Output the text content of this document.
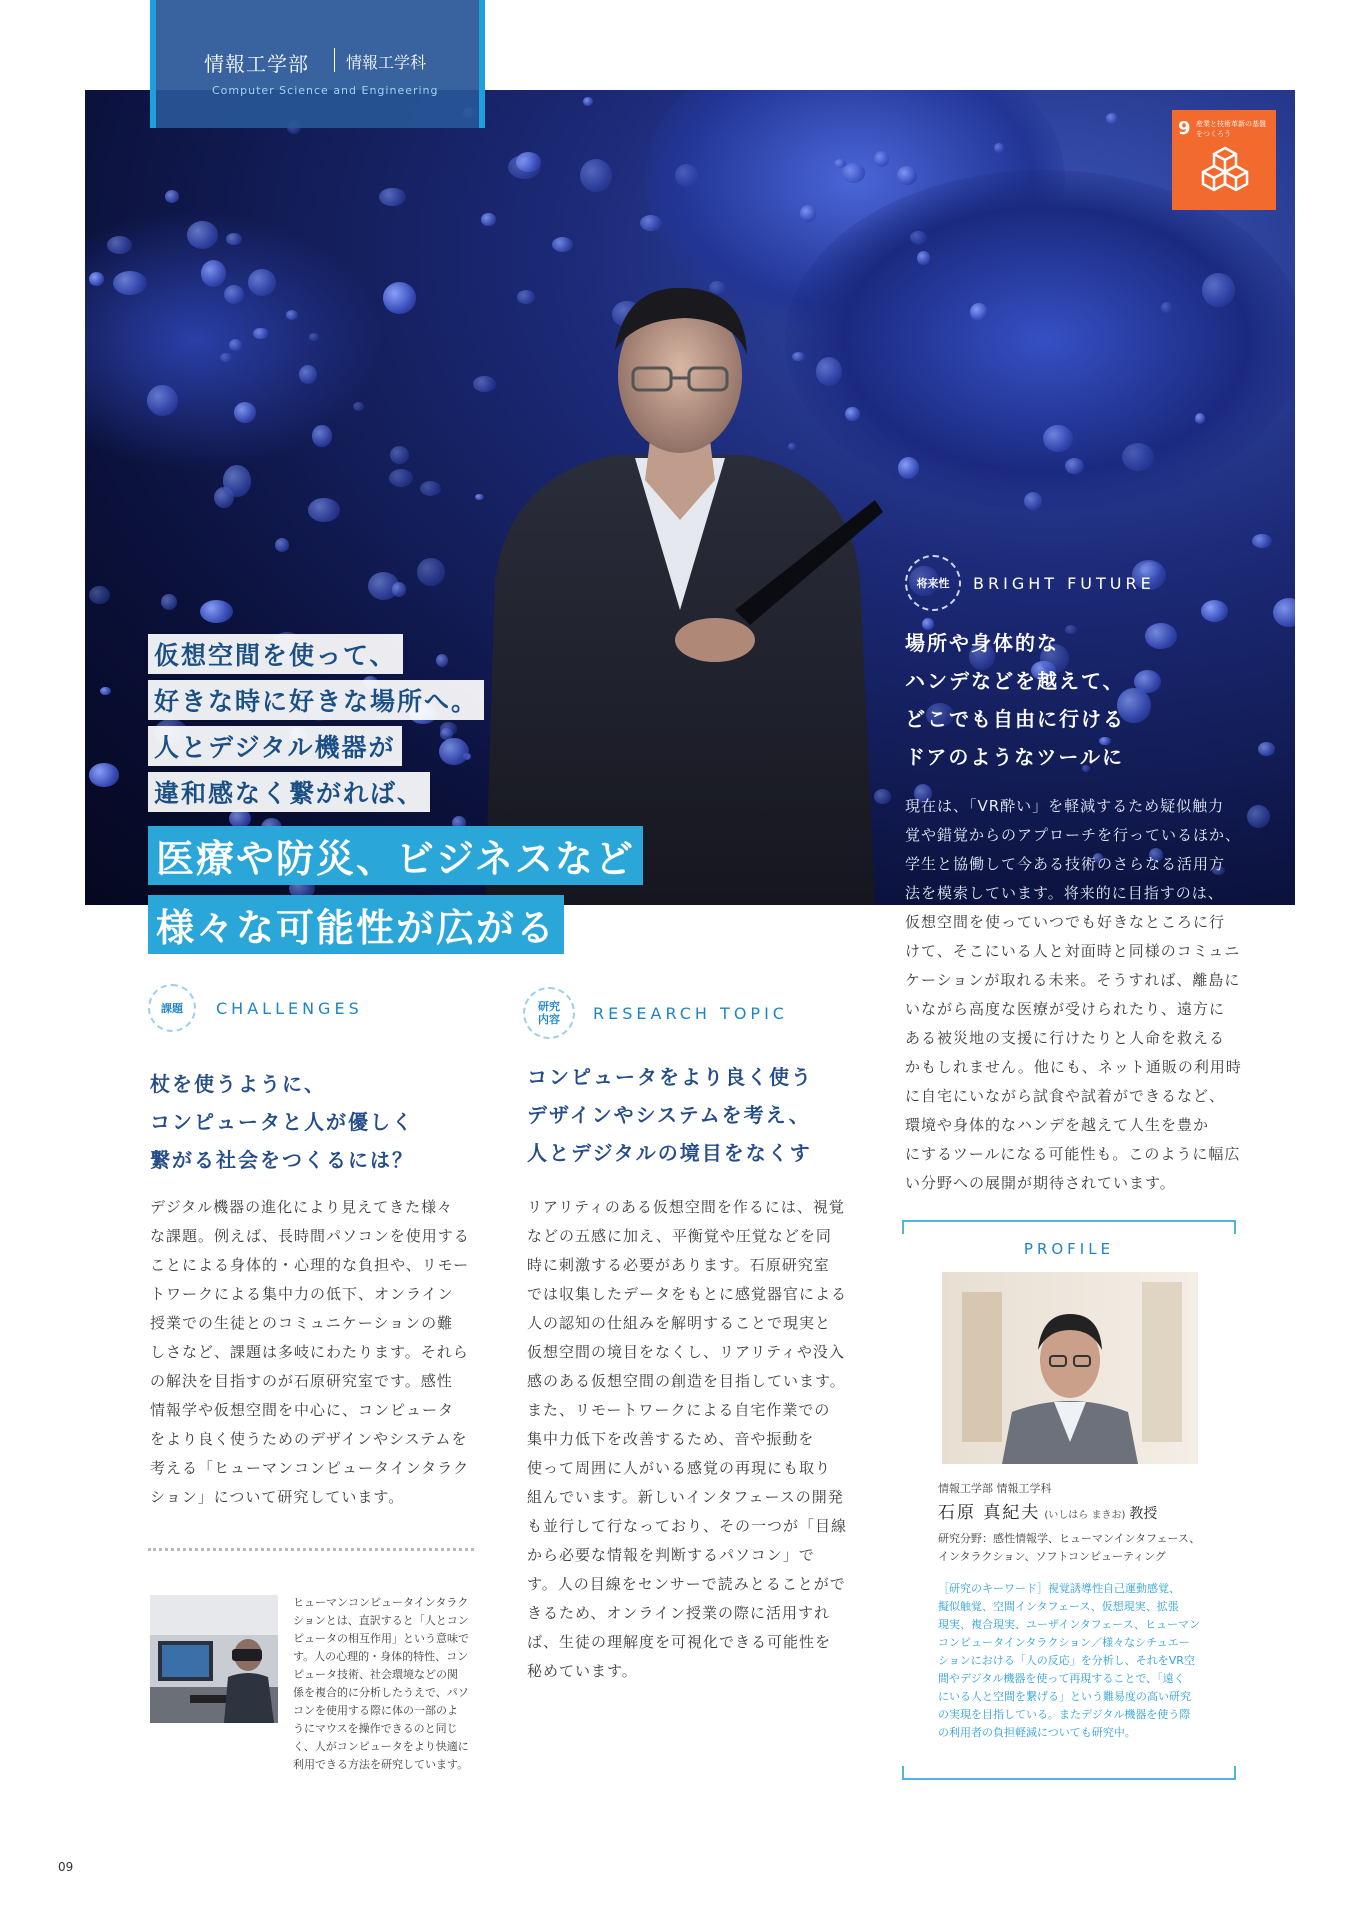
情報工学部 情報工学科
Computer Science and Engineering
9 産業と技術革新の基盤をつくろう
仮想空間を使って、
好きな時に好きな場所へ。
人とデジタル機器が
違和感なく繋がれば、
医療や防災、ビジネスなど
様々な可能性が広がる
将来性	BRIGHT FUTURE
場所や身体的な
ハンデなどを越えて、
どこでも自由に行ける
ドアのようなツールに
現在は、「VR酔い」を軽減するため疑似触力
覚や錯覚からのアプローチを行っているほか、
学生と協働して今ある技術のさらなる活用方
法を模索しています。将来的に目指すのは、
仮想空間を使っていつでも好きなところに行
けて、そこにいる人と対面時と同様のコミュニ
ケーションが取れる未来。そうすれば、離島に
いながら高度な医療が受けられたり、遠方に
ある被災地の支援に行けたりと人命を救える
かもしれません。他にも、ネット通販の利用時
に自宅にいながら試食や試着ができるなど、
環境や身体的なハンデを越えて人生を豊か
にするツールになる可能性も。このように幅広
い分野への展開が期待されています。
課題	CHALLENGES
杖を使うように、
コンピュータと人が優しく
繋がる社会をつくるには？
デジタル機器の進化により見えてきた様々
な課題。例えば、長時間パソコンを使用する
ことによる身体的・心理的な負担や、リモー
トワークによる集中力の低下、オンライン
授業での生徒とのコミュニケーションの難
しさなど、課題は多岐にわたります。それら
の解決を目指すのが石原研究室です。感性
情報学や仮想空間を中心に、コンピュータ
をより良く使うためのデザインやシステムを
考える「ヒューマンコンピュータインタラク
ション」について研究しています。
ヒューマンコンピュータインタラク
ションとは、直訳すると「人とコン
ピュータの相互作用」という意味で
す。人の心理的・身体的特性、コン
ピュータ技術、社会環境などの関
係を複合的に分析したうえで、パソ
コンを使用する際に体の一部のよ
うにマウスを操作できるのと同じ
く、人がコンピュータをより快適に
利用できる方法を研究しています。
研究内容	RESEARCH TOPIC
コンピュータをより良く使う
デザインやシステムを考え、
人とデジタルの境目をなくす
リアリティのある仮想空間を作るには、視覚
などの五感に加え、平衡覚や圧覚などを同
時に刺激する必要があります。石原研究室
では収集したデータをもとに感覚器官による
人の認知の仕組みを解明することで現実と
仮想空間の境目をなくし、リアリティや没入
感のある仮想空間の創造を目指しています。
また、リモートワークによる自宅作業での
集中力低下を改善するため、音や振動を
使って周囲に人がいる感覚の再現にも取り
組んでいます。新しいインタフェースの開発
も並行して行なっており、その一つが「目線
から必要な情報を判断するパソコン」で
す。人の目線をセンサーで読みとることがで
きるため、オンライン授業の際に活用すれ
ば、生徒の理解度を可視化できる可能性を
秘めています。
PROFILE
情報工学部 情報工学科
石原 真紀夫 (いしはら まきお) 教授
研究分野：感性情報学、ヒューマンインタフェース、
インタラクション、ソフトコンピューティング
［研究のキーワード］視覚誘導性自己運動感覚、
擬似触覚、空間インタフェース、仮想現実、拡張
現実、複合現実、ユーザインタフェース、ヒューマン
コンピュータインタラクション／様々なシチュエー
ションにおける「人の反応」を分析し、それをVR空
間やデジタル機器を使って再現することで、「遠く
にいる人と空間を繋げる」という難易度の高い研究
の実現を目指している。またデジタル機器を使う際
の利用者の負担軽減についても研究中。
09
